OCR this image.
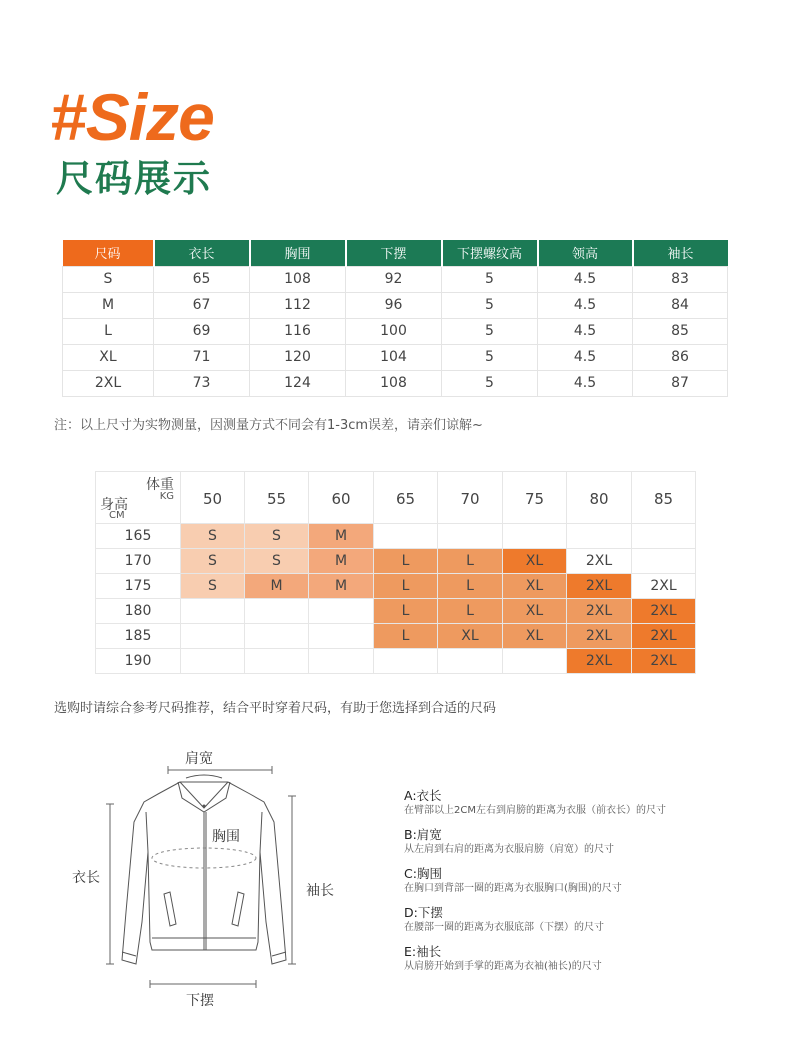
#Size
尺码展示
尺码	衣长	胸围	下摆	下摆螺纹高	领高	袖长
S	65	108	92	5	4.5	83
M	67	112	96	5	4.5	84
L	69	116	100	5	4.5	85
XL	71	120	104	5	4.5	86
2XL	73	124	108	5	4.5	87
注：以上尺寸为实物测量，因测量方式不同会有1-3cm误差，请亲们谅解~
体重
KG
身高
CM	50	55	60	65	70	75	80	85
165	S	S	M					
170	S	S	M	L	L	XL	2XL	
175	S	M	M	L	L	XL	2XL	2XL
180				L	L	XL	2XL	2XL
185				L	XL	XL	2XL	2XL
190							2XL	2XL
选购时请综合参考尺码推荐，结合平时穿着尺码，有助于您选择到合适的尺码
肩宽
胸围
衣长
袖长
下摆
A:衣长
在臂部以上2CM左右到肩膀的距离为衣服（前衣长）的尺寸
B:肩宽
从左肩到右肩的距离为衣服肩膀（肩宽）的尺寸
C:胸围
在胸口到背部一圈的距离为衣服胸口(胸围)的尺寸
D:下摆
在腰部一圈的距离为衣服底部（下摆）的尺寸
E:袖长
从肩膀开始到手掌的距离为衣袖(袖长)的尺寸
